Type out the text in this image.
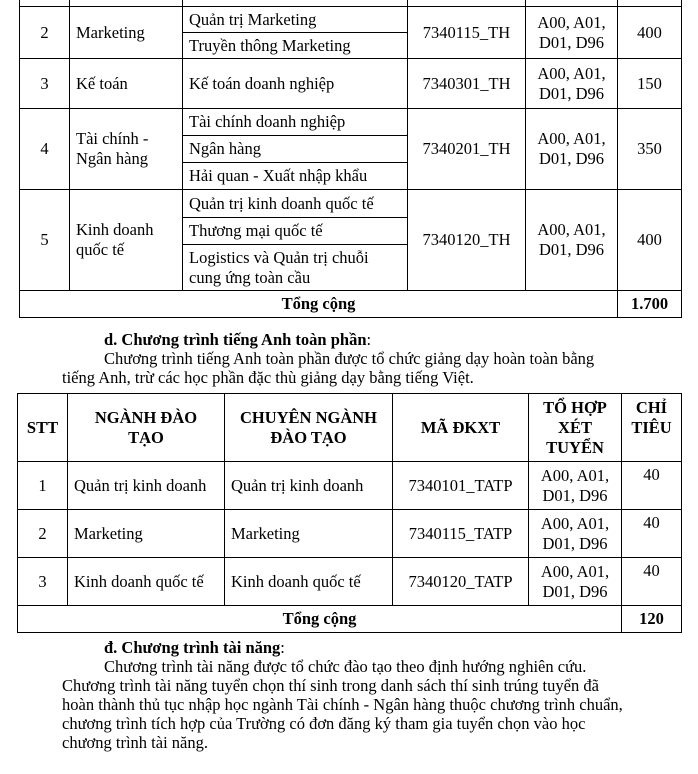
2	Marketing	Quản trị Marketing	7340115_TH	A00, A01,
D01, D96	400
		Truyền thông Marketing			
3	Kế toán	Kế toán doanh nghiệp	7340301_TH	A00, A01,
D01, D96	150
4	Tài chính -
Ngân hàng	Tài chính doanh nghiệp	7340201_TH	A00, A01,
D01, D96	350
		Ngân hàng			
		Hải quan - Xuất nhập khẩu			
5	Kinh doanh
quốc tế	Quản trị kinh doanh quốc tế	7340120_TH	A00, A01,
D01, D96	400
		Thương mại quốc tế			
		Logistics và Quản trị chuỗi
cung ứng toàn cầu			
Tổng cộng					1.700
d. Chương trình tiếng Anh toàn phần:
Chương trình tiếng Anh toàn phần được tổ chức giảng dạy hoàn toàn bằng
tiếng Anh, trừ các học phần đặc thù giảng dạy bằng tiếng Việt.
STT	NGÀNH ĐÀO
TẠO	CHUYÊN NGÀNH
ĐÀO TẠO	MÃ ĐKXT	TỔ HỢP
XÉT
TUYỂN	CHỈ
TIÊU
1	Quản trị kinh doanh	Quản trị kinh doanh	7340101_TATP	A00, A01,
D01, D96	40
2	Marketing	Marketing	7340115_TATP	A00, A01,
D01, D96	40
3	Kinh doanh quốc tế	Kinh doanh quốc tế	7340120_TATP	A00, A01,
D01, D96	40
Tổng cộng					120
đ. Chương trình tài năng:
Chương trình tài năng được tổ chức đào tạo theo định hướng nghiên cứu.
Chương trình tài năng tuyển chọn thí sinh trong danh sách thí sinh trúng tuyển đã
hoàn thành thủ tục nhập học ngành Tài chính - Ngân hàng thuộc chương trình chuẩn,
chương trình tích hợp của Trường có đơn đăng ký tham gia tuyển chọn vào học
chương trình tài năng.
